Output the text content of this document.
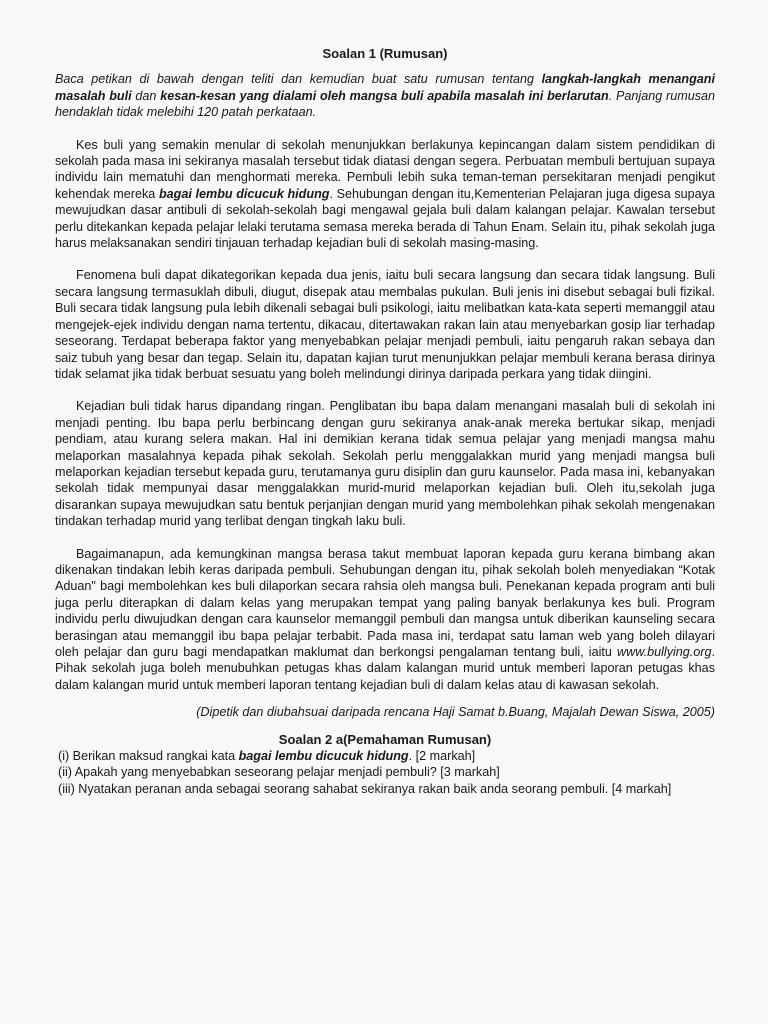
Soalan 1 (Rumusan)

Baca petikan di bawah dengan teliti dan kemudian buat satu rumusan tentang langkah-langkah menangani masalah buli dan kesan-kesan yang dialami oleh mangsa buli apabila masalah ini berlarutan. Panjang rumusan hendaklah tidak melebihi 120 patah perkataan.

Kes buli yang semakin menular di sekolah menunjukkan berlakunya kepincangan dalam sistem pendidikan di sekolah pada masa ini sekiranya masalah tersebut tidak diatasi dengan segera. Perbuatan membuli bertujuan supaya individu lain mematuhi dan menghormati mereka. Pembuli lebih suka teman-teman persekitaran menjadi pengikut kehendak mereka bagai lembu dicucuk hidung. Sehubungan dengan itu,Kementerian Pelajaran juga digesa supaya mewujudkan dasar antibuli di sekolah-sekolah bagi mengawal gejala buli dalam kalangan pelajar. Kawalan tersebut perlu ditekankan kepada pelajar lelaki terutama semasa mereka berada di Tahun Enam. Selain itu, pihak sekolah juga harus melaksanakan sendiri tinjauan terhadap kejadian buli di sekolah masing-masing.

Fenomena buli dapat dikategorikan kepada dua jenis, iaitu buli secara langsung dan secara tidak langsung. Buli secara langsung termasuklah dibuli, diugut, disepak atau membalas pukulan. Buli jenis ini disebut sebagai buli fizikal. Buli secara tidak langsung pula lebih dikenali sebagai buli psikologi, iaitu melibatkan kata-kata seperti memanggil atau mengejek-ejek individu dengan nama tertentu, dikacau, ditertawakan rakan lain atau menyebarkan gosip liar terhadap seseorang. Terdapat beberapa faktor yang menyebabkan pelajar menjadi pembuli, iaitu pengaruh rakan sebaya dan saiz tubuh yang besar dan tegap. Selain itu, dapatan kajian turut menunjukkan pelajar membuli kerana berasa dirinya tidak selamat jika tidak berbuat sesuatu yang boleh melindungi dirinya daripada perkara yang tidak diingini.

Kejadian buli tidak harus dipandang ringan. Penglibatan ibu bapa dalam menangani masalah buli di sekolah ini menjadi penting. Ibu bapa perlu berbincang dengan guru sekiranya anak-anak mereka bertukar sikap, menjadi pendiam, atau kurang selera makan. Hal ini demikian kerana tidak semua pelajar yang menjadi mangsa mahu melaporkan masalahnya kepada pihak sekolah. Sekolah perlu menggalakkan murid yang menjadi mangsa buli melaporkan kejadian tersebut kepada guru, terutamanya guru disiplin dan guru kaunselor. Pada masa ini, kebanyakan sekolah tidak mempunyai dasar menggalakkan murid-murid melaporkan kejadian buli. Oleh itu,sekolah juga disarankan supaya mewujudkan satu bentuk perjanjian dengan murid yang membolehkan pihak sekolah mengenakan tindakan terhadap murid yang terlibat dengan tingkah laku buli.

Bagaimanapun, ada kemungkinan mangsa berasa takut membuat laporan kepada guru kerana bimbang akan dikenakan tindakan lebih keras daripada pembuli. Sehubungan dengan itu, pihak sekolah boleh menyediakan “Kotak Aduan" bagi membolehkan kes buli dilaporkan secara rahsia oleh mangsa buli. Penekanan kepada program anti buli juga perlu diterapkan di dalam kelas yang merupakan tempat yang paling banyak berlakunya kes buli. Program individu perlu diwujudkan dengan cara kaunselor memanggil pembuli dan mangsa untuk diberikan kaunseling secara berasingan atau memanggil ibu bapa pelajar terbabit. Pada masa ini, terdapat satu laman web yang boleh dilayari oleh pelajar dan guru bagi mendapatkan maklumat dan berkongsi pengalaman tentang buli, iaitu www.bullying.org. Pihak sekolah juga boleh menubuhkan petugas khas dalam kalangan murid untuk memberi laporan petugas khas dalam kalangan murid untuk memberi laporan tentang kejadian buli di dalam kelas atau di kawasan sekolah.

(Dipetik dan diubahsuai daripada rencana Haji Samat b.Buang, Majalah Dewan Siswa, 2005)

Soalan 2 a(Pemahaman Rumusan)

(i) Berikan maksud rangkai kata bagai lembu dicucuk hidung. [2 markah]

(ii) Apakah yang menyebabkan seseorang pelajar menjadi pembuli? [3 markah]

(iii) Nyatakan peranan anda sebagai seorang sahabat sekiranya rakan baik anda seorang pembuli. [4 markah]
